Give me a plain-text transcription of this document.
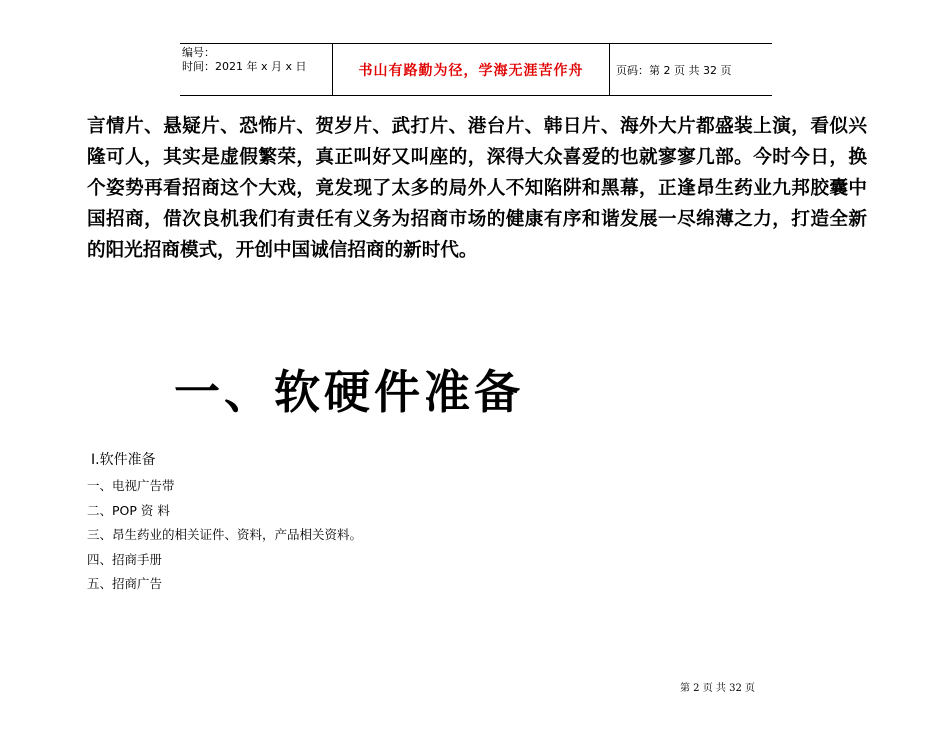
编号：
时间：2021 年 x 月 x 日	书山有路勤为径，学海无涯苦作舟	页码：第 2 页 共 32 页
言情片、悬疑片、恐怖片、贺岁片、武打片、港台片、韩日片、海外大片都盛装上演，看似兴隆可人，其实是虚假繁荣，真正叫好又叫座的，深得大众喜爱的也就寥寥几部。今时今日，换个姿势再看招商这个大戏，竟发现了太多的局外人不知陷阱和黑幕，正逢昂生药业九邦胶囊中国招商，借次良机我们有责任有义务为招商市场的健康有序和谐发展一尽绵薄之力，打造全新的阳光招商模式，开创中国诚信招商的新时代。
一、软硬件准备
Ⅰ.软件准备
一、电视广告带
二、POP 资 料
三、昂生药业的相关证件、资料，产品相关资料。
四、招商手册
五、招商广告
第 2 页 共 32 页
